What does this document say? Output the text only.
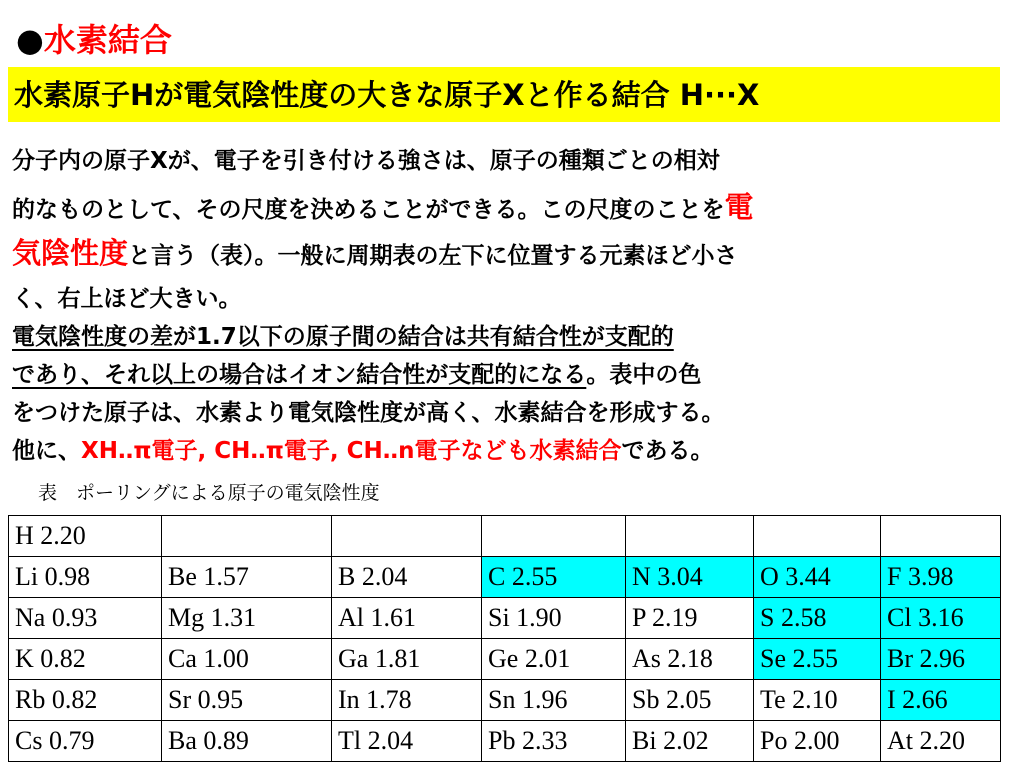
●水素結合
水素原子Hが電気陰性度の大きな原子Xと作る結合 H···X
分子内の原子Xが、電子を引き付ける強さは、原子の種類ごとの相対
的なものとして、その尺度を決めることができる。この尺度のことを電
気陰性度と言う（表）。一般に周期表の左下に位置する元素ほど小さ
く、右上ほど大きい。
電気陰性度の差が1.7以下の原子間の結合は共有結合性が支配的
であり、それ以上の場合はイオン結合性が支配的になる。表中の色
をつけた原子は、水素より電気陰性度が高く、水素結合を形成する。
他に、XH‥π電子, CH‥π電子, CH‥n電子なども水素結合である。
表　ポーリングによる原子の電気陰性度
H 2.20						
Li 0.98	Be 1.57	B 2.04	C 2.55	N 3.04	O 3.44	F 3.98
Na 0.93	Mg 1.31	Al 1.61	Si 1.90	P 2.19	S 2.58	Cl 3.16
K 0.82	Ca 1.00	Ga 1.81	Ge 2.01	As 2.18	Se 2.55	Br 2.96
Rb 0.82	Sr 0.95	In 1.78	Sn 1.96	Sb 2.05	Te 2.10	I 2.66
Cs 0.79	Ba 0.89	Tl 2.04	Pb 2.33	Bi 2.02	Po 2.00	At 2.20
